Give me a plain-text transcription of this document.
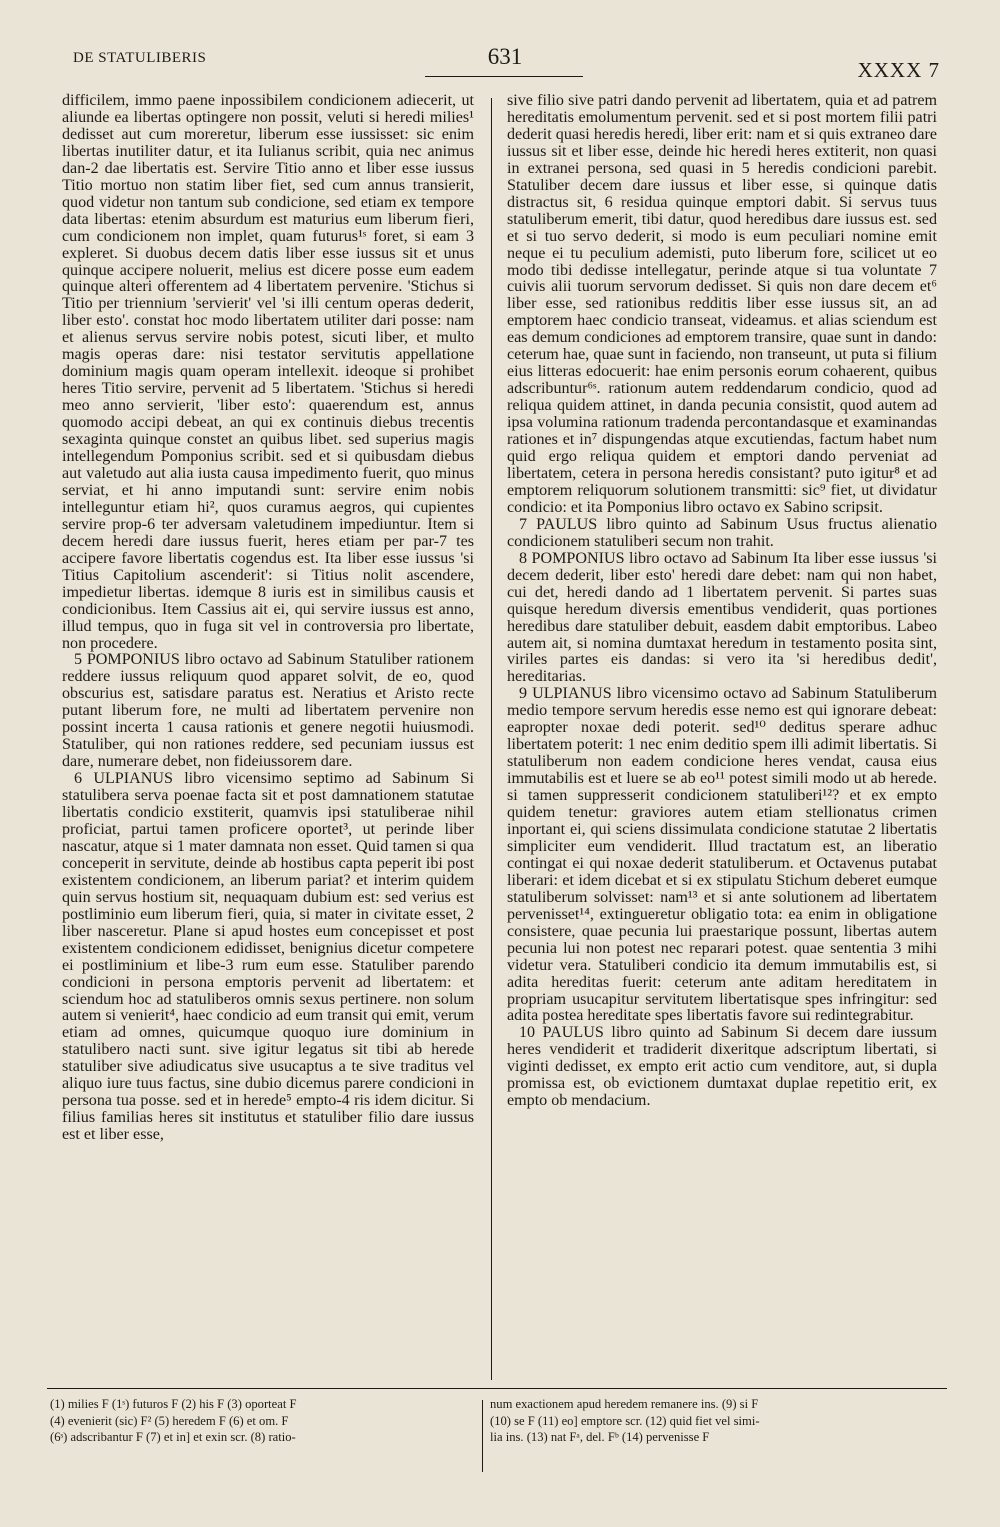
DE STATULIBERIS	631
XXXX 7

difficilem, immo paene inpossibilem condicionem adiecerit, ut aliunde ea libertas optingere non possit, veluti si heredi milies¹ dedisset aut cum moreretur, liberum esse iussisset: sic enim libertas inutiliter datur, et ita Iulianus scribit, quia nec animus dan-2 dae libertatis est. Servire Titio anno et liber esse iussus Titio mortuo non statim liber fiet, sed cum annus transierit, quod videtur non tantum sub condicione, sed etiam ex tempore data libertas: etenim absurdum est maturius eum liberum fieri, cum condicionem non implet, quam futurus¹ˢ foret, si eam 3 expleret. Si duobus decem datis liber esse iussus sit et unus quinque accipere noluerit, melius est dicere posse eum eadem quinque alteri offerentem ad 4 libertatem pervenire. 'Stichus si Titio per triennium 'servierit' vel 'si illi centum operas dederit, liber esto'. constat hoc modo libertatem utiliter dari posse: nam et alienus servus servire nobis potest, sicuti liber, et multo magis operas dare: nisi testator servitutis appellatione dominium magis quam operam intellexit. ideoque si prohibet heres Titio servire, pervenit ad 5 libertatem. 'Stichus si heredi meo anno servierit, 'liber esto': quaerendum est, annus quomodo accipi debeat, an qui ex continuis diebus trecentis sexaginta quinque constet an quibus libet. sed superius magis intellegendum Pomponius scribit. sed et si quibusdam diebus aut valetudo aut alia iusta causa impedimento fuerit, quo minus serviat, et hi anno imputandi sunt: servire enim nobis intelleguntur etiam hi², quos curamus aegros, qui cupientes servire prop-6 ter adversam valetudinem impediuntur. Item si decem heredi dare iussus fuerit, heres etiam per par-7 tes accipere favore libertatis cogendus est. Ita liber esse iussus 'si Titius Capitolium ascenderit': si Titius nolit ascendere, impedietur libertas. idemque 8 iuris est in similibus causis et condicionibus. Item Cassius ait ei, qui servire iussus est anno, illud tempus, quo in fuga sit vel in controversia pro libertate, non procedere.

5 POMPONIUS libro octavo ad Sabinum Statuliber rationem reddere iussus reliquum quod apparet solvit, de eo, quod obscurius est, satisdare paratus est. Neratius et Aristo recte putant liberum fore, ne multi ad libertatem pervenire non possint incerta 1 causa rationis et genere negotii huiusmodi. Statuliber, qui non rationes reddere, sed pecuniam iussus est dare, numerare debet, non fideiussorem dare.

6 ULPIANUS libro vicensimo septimo ad Sabinum Si statulibera serva poenae facta sit et post damnationem statutae libertatis condicio exstiterit, quamvis ipsi statuliberae nihil proficiat, partui tamen proficere oportet³, ut perinde liber nascatur, atque si 1 mater damnata non esset. Quid tamen si qua conceperit in servitute, deinde ab hostibus capta peperit ibi post existentem condicionem, an liberum pariat? et interim quidem quin servus hostium sit, nequaquam dubium est: sed verius est postliminio eum liberum fieri, quia, si mater in civitate esset, 2 liber nasceretur. Plane si apud hostes eum concepisset et post existentem condicionem edidisset, benignius dicetur competere ei postliminium et libe-3 rum eum esse. Statuliber parendo condicioni in persona emptoris pervenit ad libertatem: et sciendum hoc ad statuliberos omnis sexus pertinere. non solum autem si venierit⁴, haec condicio ad eum transit qui emit, verum etiam ad omnes, quicumque quoquo iure dominium in statulibero nacti sunt. sive igitur legatus sit tibi ab herede statuliber sive adiudicatus sive usucaptus a te sive traditus vel aliquo iure tuus factus, sine dubio dicemus parere condicioni in persona tua posse. sed et in herede⁵ empto-4 ris idem dicitur. Si filius familias heres sit institutus et statuliber filio dare iussus est et liber esse,

sive filio sive patri dando pervenit ad libertatem, quia et ad patrem hereditatis emolumentum pervenit. sed et si post mortem filii patri dederit quasi heredis heredi, liber erit: nam et si quis extraneo dare iussus sit et liber esse, deinde hic heredi heres extiterit, non quasi in extranei persona, sed quasi in 5 heredis condicioni parebit. Statuliber decem dare iussus et liber esse, si quinque datis distractus sit, 6 residua quinque emptori dabit. Si servus tuus statuliberum emerit, tibi datur, quod heredibus dare iussus est. sed et si tuo servo dederit, si modo is eum peculiari nomine emit neque ei tu peculium ademisti, puto liberum fore, scilicet ut eo modo tibi dedisse intellegatur, perinde atque si tua voluntate 7 cuivis alii tuorum servorum dedisset. Si quis non dare decem et⁶ liber esse, sed rationibus redditis liber esse iussus sit, an ad emptorem haec condicio transeat, videamus. et alias sciendum est eas demum condiciones ad emptorem transire, quae sunt in dando: ceterum hae, quae sunt in faciendo, non transeunt, ut puta si filium eius litteras edocuerit: hae enim personis eorum cohaerent, quibus adscribuntur⁶ˢ. rationum autem reddendarum condicio, quod ad reliqua quidem attinet, in danda pecunia consistit, quod autem ad ipsa volumina rationum tradenda percontandasque et examinandas rationes et in⁷ dispungendas atque excutiendas, factum habet num quid ergo reliqua quidem et emptori dando perveniat ad libertatem, cetera in persona heredis consistant? puto igitur⁸ et ad emptorem reliquorum solutionem transmitti: sic⁹ fiet, ut dividatur condicio: et ita Pomponius libro octavo ex Sabino scripsit.

7 PAULUS libro quinto ad Sabinum Usus fructus alienatio condicionem statuliberi secum non trahit.

8 POMPONIUS libro octavo ad Sabinum Ita liber esse iussus 'si decem dederit, liber esto' heredi dare debet: nam qui non habet, cui det, heredi dando ad 1 libertatem pervenit. Si partes suas quisque heredum diversis ementibus vendiderit, quas portiones heredibus dare statuliber debuit, easdem dabit emptoribus. Labeo autem ait, si nomina dumtaxat heredum in testamento posita sint, viriles partes eis dandas: si vero ita 'si heredibus dedit', hereditarias.

9 ULPIANUS libro vicensimo octavo ad Sabinum Statuliberum medio tempore servum heredis esse nemo est qui ignorare debeat: eapropter noxae dedi poterit. sed¹⁰ deditus sperare adhuc libertatem poterit: 1 nec enim deditio spem illi adimit libertatis. Si statuliberum non eadem condicione heres vendat, causa eius immutabilis est et luere se ab eo¹¹ potest simili modo ut ab herede. si tamen suppresserit condicionem statuliberi¹²? et ex empto quidem tenetur: graviores autem etiam stellionatus crimen inportant ei, qui sciens dissimulata condicione statutae 2 libertatis simpliciter eum vendiderit. Illud tractatum est, an liberatio contingat ei qui noxae dederit statuliberum. et Octavenus putabat liberari: et idem dicebat et si ex stipulatu Stichum deberet eumque statuliberum solvisset: nam¹³ et si ante solutionem ad libertatem pervenisset¹⁴, extingueretur obligatio tota: ea enim in obligatione consistere, quae pecunia lui praestarique possunt, libertas autem pecunia lui non potest nec reparari potest. quae sententia 3 mihi videtur vera. Statuliberi condicio ita demum immutabilis est, si adita hereditas fuerit: ceterum ante aditam hereditatem in propriam usucapitur servitutem libertatisque spes infringitur: sed adita postea hereditate spes libertatis favore sui redintegrabitur.

10 PAULUS libro quinto ad Sabinum Si decem dare iussum heres vendiderit et tradiderit dixeritque adscriptum libertati, si viginti dedisset, ex empto erit actio cum venditore, aut, si dupla promissa est, ob evictionem dumtaxat duplae repetitio erit, ex empto ob mendacium.

(1) milies F (1ˢ) futuros F (2) his F (3) oporteat F

(4) evenierit (sic) F² (5) heredem F (6) et om. F

(6ˢ) adscribantur F (7) et in] et exin scr. (8) ratio-

num exactionem apud heredem remanere ins. (9) si F

(10) se F (11) eo] emptore scr. (12) quid fiet vel simi-

lia ins. (13) nat Fᵃ, del. Fᵇ (14) pervenisse F
